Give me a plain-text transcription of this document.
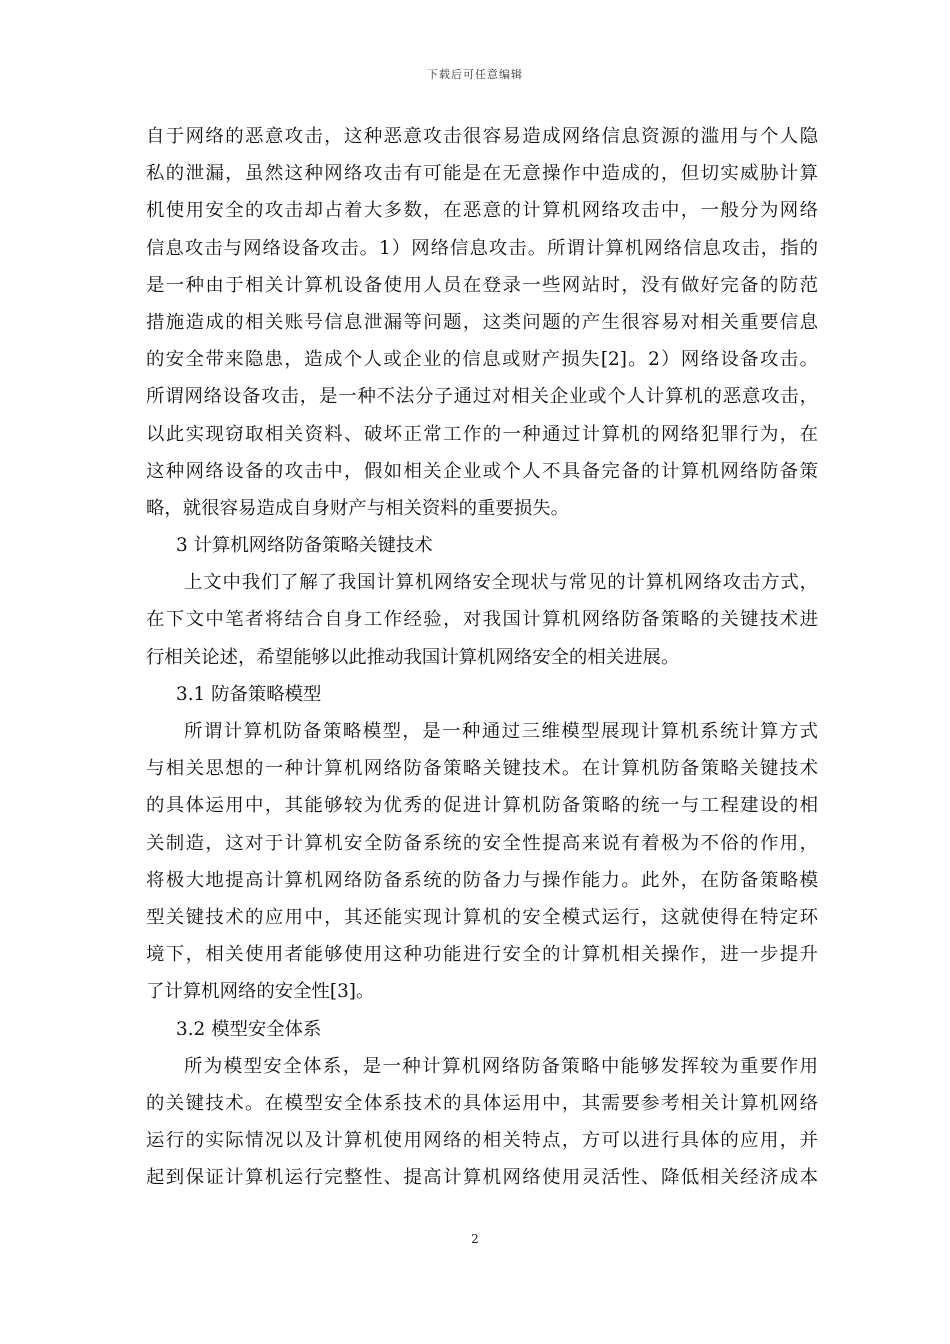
下载后可任意编辑
自于网络的恶意攻击，这种恶意攻击很容易造成网络信息资源的滥用与个人隐
私的泄漏，虽然这种网络攻击有可能是在无意操作中造成的，但切实威胁计算
机使用安全的攻击却占着大多数，在恶意的计算机网络攻击中，一般分为网络
信息攻击与网络设备攻击。1）网络信息攻击。所谓计算机网络信息攻击，指的
是一种由于相关计算机设备使用人员在登录一些网站时，没有做好完备的防范
措施造成的相关账号信息泄漏等问题，这类问题的产生很容易对相关重要信息
的安全带来隐患，造成个人或企业的信息或财产损失[2]。2）网络设备攻击。
所谓网络设备攻击，是一种不法分子通过对相关企业或个人计算机的恶意攻击，
以此实现窃取相关资料、破坏正常工作的一种通过计算机的网络犯罪行为，在
这种网络设备的攻击中，假如相关企业或个人不具备完备的计算机网络防备策
略，就很容易造成自身财产与相关资料的重要损失。
3 计算机网络防备策略关键技术
上文中我们了解了我国计算机网络安全现状与常见的计算机网络攻击方式，
在下文中笔者将结合自身工作经验，对我国计算机网络防备策略的关键技术进
行相关论述，希望能够以此推动我国计算机网络安全的相关进展。
3.1 防备策略模型
所谓计算机防备策略模型，是一种通过三维模型展现计算机系统计算方式
与相关思想的一种计算机网络防备策略关键技术。在计算机防备策略关键技术
的具体运用中，其能够较为优秀的促进计算机防备策略的统一与工程建设的相
关制造，这对于计算机安全防备系统的安全性提高来说有着极为不俗的作用，
将极大地提高计算机网络防备系统的防备力与操作能力。此外，在防备策略模
型关键技术的应用中，其还能实现计算机的安全模式运行，这就使得在特定环
境下，相关使用者能够使用这种功能进行安全的计算机相关操作，进一步提升
了计算机网络的安全性[3]。
3.2 模型安全体系
所为模型安全体系，是一种计算机网络防备策略中能够发挥较为重要作用
的关键技术。在模型安全体系技术的具体运用中，其需要参考相关计算机网络
运行的实际情况以及计算机使用网络的相关特点，方可以进行具体的应用，并
起到保证计算机运行完整性、提高计算机网络使用灵活性、降低相关经济成本
2
